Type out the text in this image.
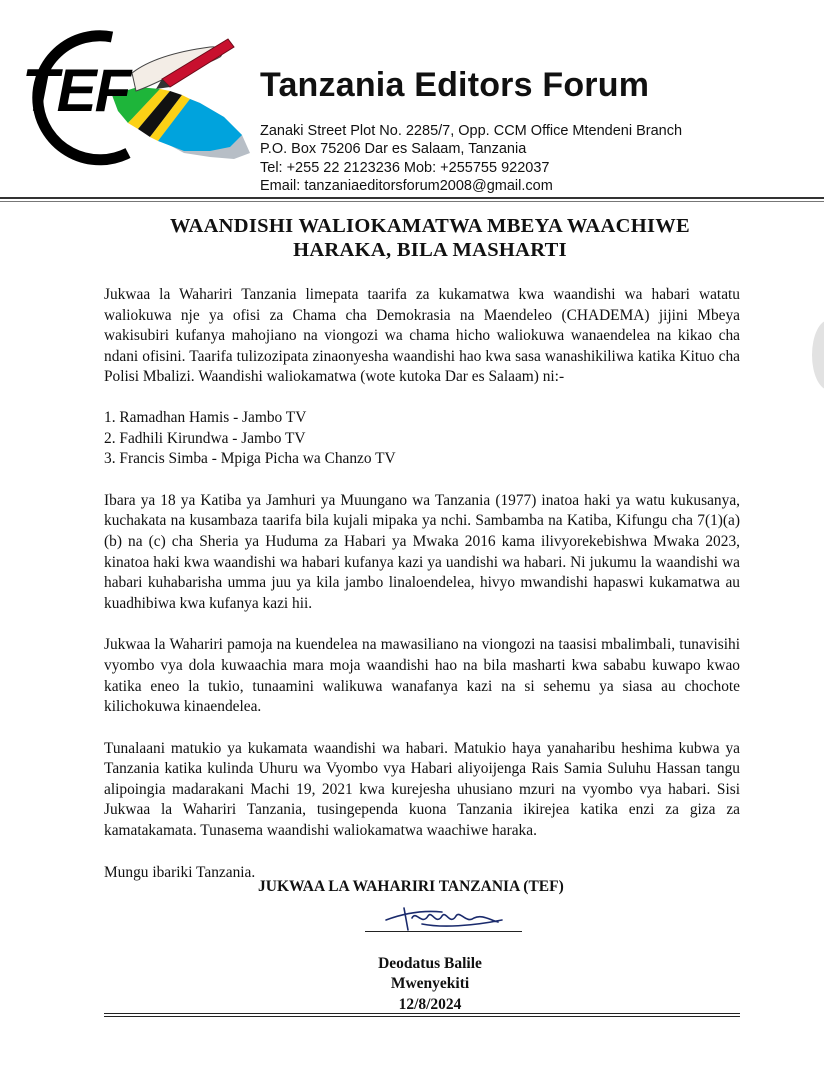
TEF	Tanzania Editors Forum
Zanaki Street Plot No. 2285/7, Opp. CCM Office Mtendeni Branch
P.O. Box 75206 Dar es Salaam, Tanzania
Tel: +255 22 2123236 Mob: +255755 922037
Email: tanzaniaeditorsforum2008@gmail.com
WAANDISHI WALIOKAMATWA MBEYA WAACHIWE
HARAKA, BILA MASHARTI

Jukwaa la Wahariri Tanzania limepata taarifa za kukamatwa kwa waandishi wa habari watatu waliokuwa nje ya ofisi za Chama cha Demokrasia na Maendeleo (CHADEMA) jijini Mbeya wakisubiri kufanya mahojiano na viongozi wa chama hicho waliokuwa wanaendelea na kikao cha ndani ofisini. Taarifa tulizozipata zinaonyesha waandishi hao kwa sasa wanashikiliwa katika Kituo cha Polisi Mbalizi. Waandishi waliokamatwa (wote kutoka Dar es Salaam) ni:-

1. Ramadhan Hamis - Jambo TV
2. Fadhili Kirundwa - Jambo TV
3. Francis Simba - Mpiga Picha wa Chanzo TV

Ibara ya 18 ya Katiba ya Jamhuri ya Muungano wa Tanzania (1977) inatoa haki ya watu kukusanya, kuchakata na kusambaza taarifa bila kujali mipaka ya nchi. Sambamba na Katiba, Kifungu cha 7(1)(a)(b) na (c) cha Sheria ya Huduma za Habari ya Mwaka 2016 kama ilivyorekebishwa Mwaka 2023, kinatoa haki kwa waandishi wa habari kufanya kazi ya uandishi wa habari. Ni jukumu la waandishi wa habari kuhabarisha umma juu ya kila jambo linaloendelea, hivyo mwandishi hapaswi kukamatwa au kuadhibiwa kwa kufanya kazi hii.

Jukwaa la Wahariri pamoja na kuendelea na mawasiliano na viongozi na taasisi mbalimbali, tunavisihi vyombo vya dola kuwaachia mara moja waandishi hao na bila masharti kwa sababu kuwapo kwao katika eneo la tukio, tunaamini walikuwa wanafanya kazi na si sehemu ya siasa au chochote kilichokuwa kinaendelea.

Tunalaani matukio ya kukamata waandishi wa habari. Matukio haya yanaharibu heshima kubwa ya Tanzania katika kulinda Uhuru wa Vyombo vya Habari aliyoijenga Rais Samia Suluhu Hassan tangu alipoingia madarakani Machi 19, 2021 kwa kurejesha uhusiano mzuri na vyombo vya habari. Sisi Jukwaa la Wahariri Tanzania, tusingependa kuona Tanzania ikirejea katika enzi za giza za kamatakamata. Tunasema waandishi waliokamatwa waachiwe haraka.

Mungu ibariki Tanzania.

JUKWAA LA WAHARIRI TANZANIA (TEF)
Deodatus Balile
Mwenyekiti
12/8/2024
